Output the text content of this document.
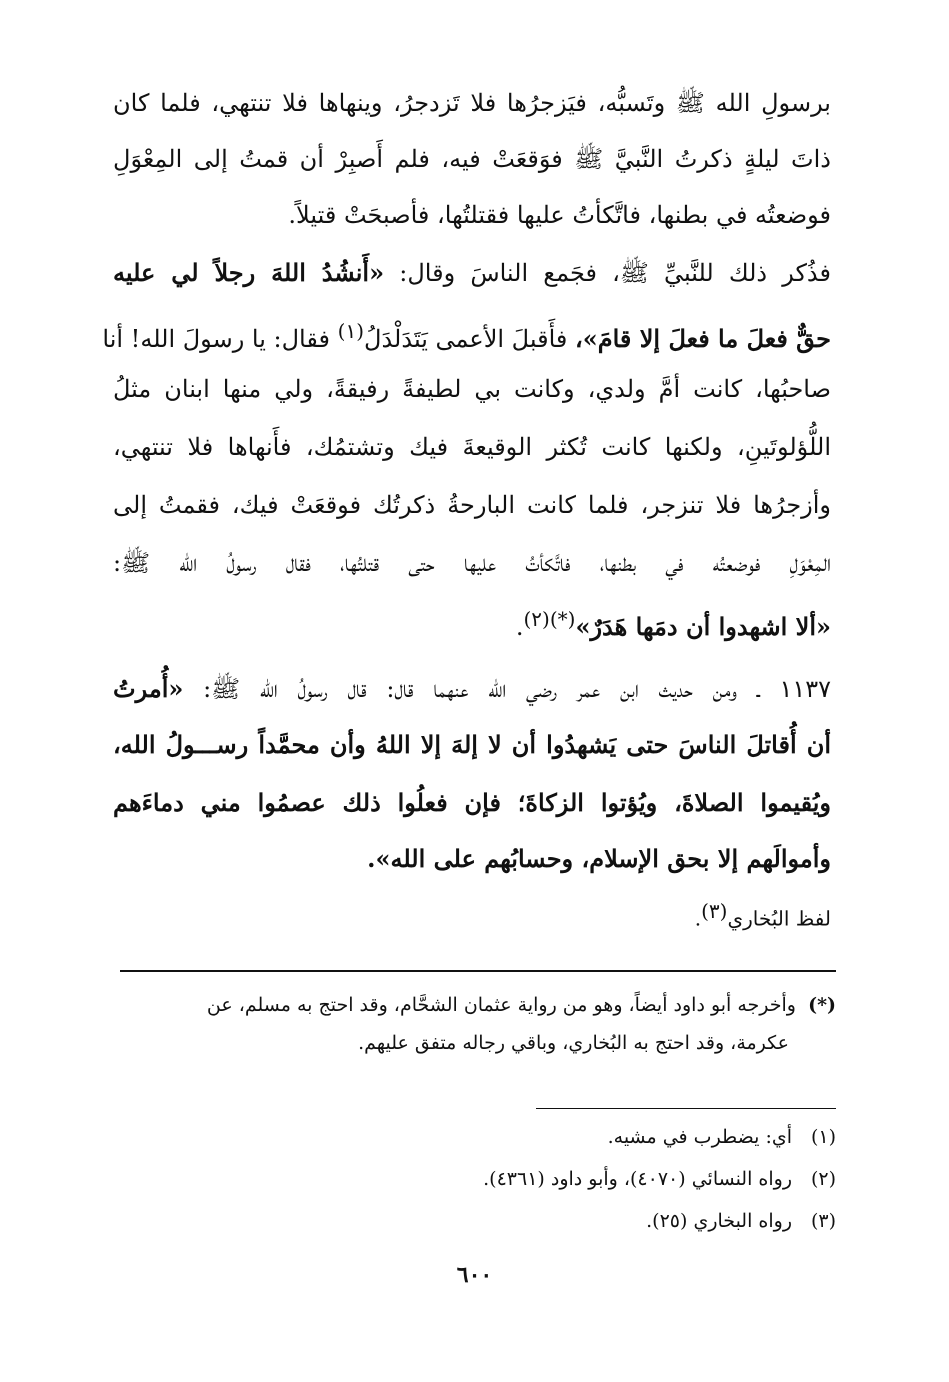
برسولِ الله ﷺ وتَسبُّه، فيَزجرُها فلا تَزدجرُ، وينهاها فلا تنتهي، فلما كان
ذاتَ ليلةٍ ذكرتُ النَّبيَّ ﷺ فوَقعَتْ فيه، فلم أَصبِرْ أن قمتُ إلى المِعْوَلِ
فوضعتُه في بطنها، فاتَّكأتُ عليها فقتلتُها، فأصبحَتْ قتيلاً.
فذُكر ذلك للنَّبيِّ ﷺ، فجَمع الناسَ وقال: «أَنشُدُ اللهَ رجلاً لي عليه
حقٌّ فعلَ ما فعلَ إلا قامَ»، فأَقبلَ الأعمى يَتَدَلْدَلُ$^{(١)}$ فقال: يا رسولَ الله! أنا
صاحبُها، كانت أمَّ ولدي، وكانت بي لطيفةً رفيقةً، ولي منها ابنان مثلُ
اللُّؤلوتَينِ، ولكنها كانت تُكثر الوقيعةَ فيك وتشتمُك، فأَنهاها فلا تنتهي،
وأزجرُها فلا تنزجر، فلما كانت البارحةُ ذكرتُك فوقعَتْ فيك، فقمتُ إلى
المِعْوَلِ فوضعتُه في بطنها، فاتَّكأتُ عليها حتى قتلتُها، فقال رسولُ الله ﷺ:
«ألا اشهدوا أن دمَها هَدَرٌ»$^{(*)(٢)}$.
١١٣٧ ـ ومن حديث ابن عمر رضي الله عنهما قال: قال رسولُ الله ﷺ: «أُمرتُ
أن أُقاتلَ الناسَ حتى يَشهدُوا أن لا إلهَ إلا اللهُ وأن محمَّداً رســـولُ الله،
ويُقيموا الصلاةَ، ويُؤتوا الزكاةَ؛ فإن فعلُوا ذلك عصمُوا مني دماءَهم
وأموالَهم إلا بحق الإسلام، وحسابُهم على الله».
لفظ البُخاري$^{(٣)}$.
(*)  وأخرجه أبو داود أيضاً، وهو من رواية عثمان الشحَّام، وقد احتج به مسلم، عن
عكرمة، وقد احتج به البُخاري، وباقي رجاله متفق عليهم.
(١)أي: يضطرب في مشيه.
(٢)رواه النسائي (٤٠٧٠)، وأبو داود (٤٣٦١).
(٣)رواه البخاري (٢٥).
٦٠٠
